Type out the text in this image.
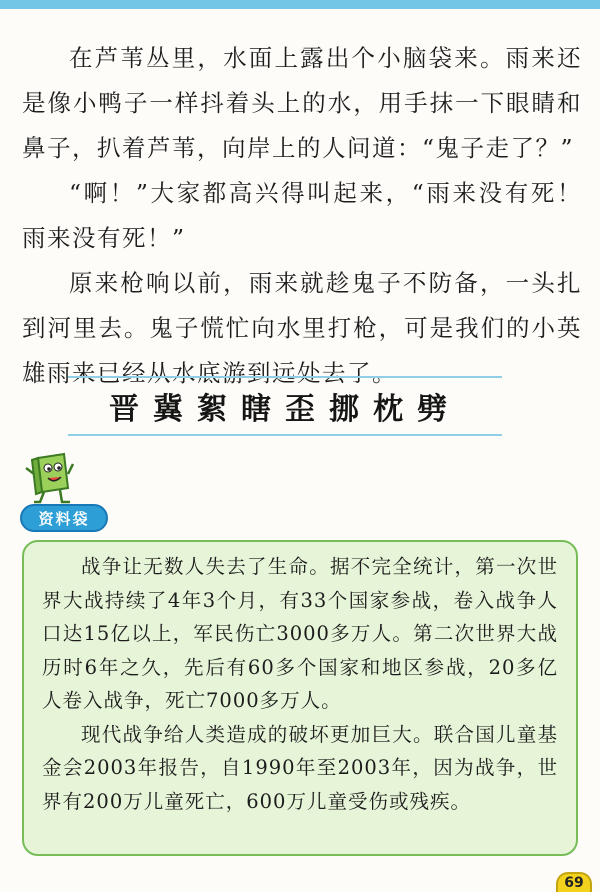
在芦苇丛里，水面上露出个小脑袋来。雨来还是像小鸭子一样抖着头上的水，用手抹一下眼睛和鼻子，扒着芦苇，向岸上的人问道：“鬼子走了？”

“啊！”大家都高兴得叫起来，“雨来没有死！雨来没有死！”

原来枪响以前，雨来就趁鬼子不防备，一头扎到河里去。鬼子慌忙向水里打枪，可是我们的小英雄雨来已经从水底游到远处去了。

晋冀絮瞎歪挪枕劈
资料袋

战争让无数人失去了生命。据不完全统计，第一次世界大战持续了4年3个月，有33个国家参战，卷入战争人口达15亿以上，军民伤亡3000多万人。第二次世界大战历时6年之久，先后有60多个国家和地区参战，20多亿人卷入战争，死亡7000多万人。

现代战争给人类造成的破坏更加巨大。联合国儿童基金会2003年报告，自1990年至2003年，因为战争，世界有200万儿童死亡，600万儿童受伤或残疾。

69
